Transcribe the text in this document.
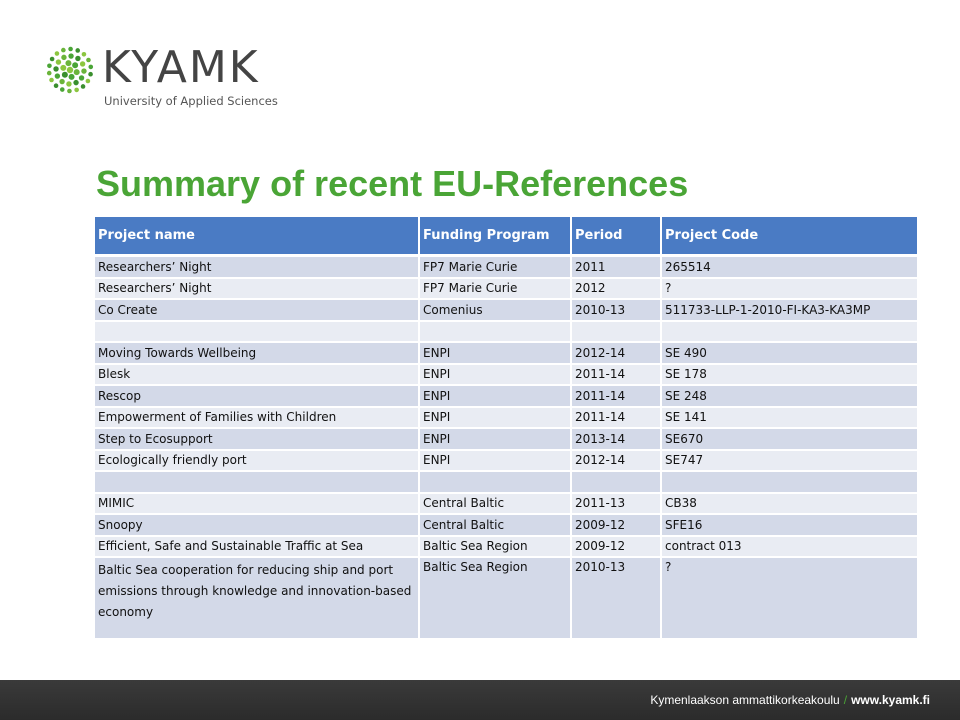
KYAMK
University of Applied Sciences
Summary of recent EU-References
Project name	Funding Program	Period	Project Code
Researchers’ Night	FP7 Marie Curie	2011	265514
Researchers’ Night	FP7 Marie Curie	2012	?
Co Create	Comenius	2010-13	511733-LLP-1-2010-FI-KA3-KA3MP

Moving Towards Wellbeing	ENPI	2012-14	SE 490
Blesk	ENPI	2011-14	SE 178
Rescop	ENPI	2011-14	SE 248
Empowerment of Families with Children	ENPI	2011-14	SE 141
Step to Ecosupport	ENPI	2013-14	SE670
Ecologically friendly port	ENPI	2012-14	SE747

MIMIC	Central Baltic	2011-13	CB38
Snoopy	Central Baltic	2009-12	SFE16
Efficient, Safe and Sustainable Traffic at Sea	Baltic Sea Region	2009-12	contract 013
Baltic Sea cooperation for reducing ship and port emissions through knowledge and innovation-based economy	Baltic Sea Region	2010-13	?
Kymenlaakson ammattikorkeakoulu / www.kyamk.fi
